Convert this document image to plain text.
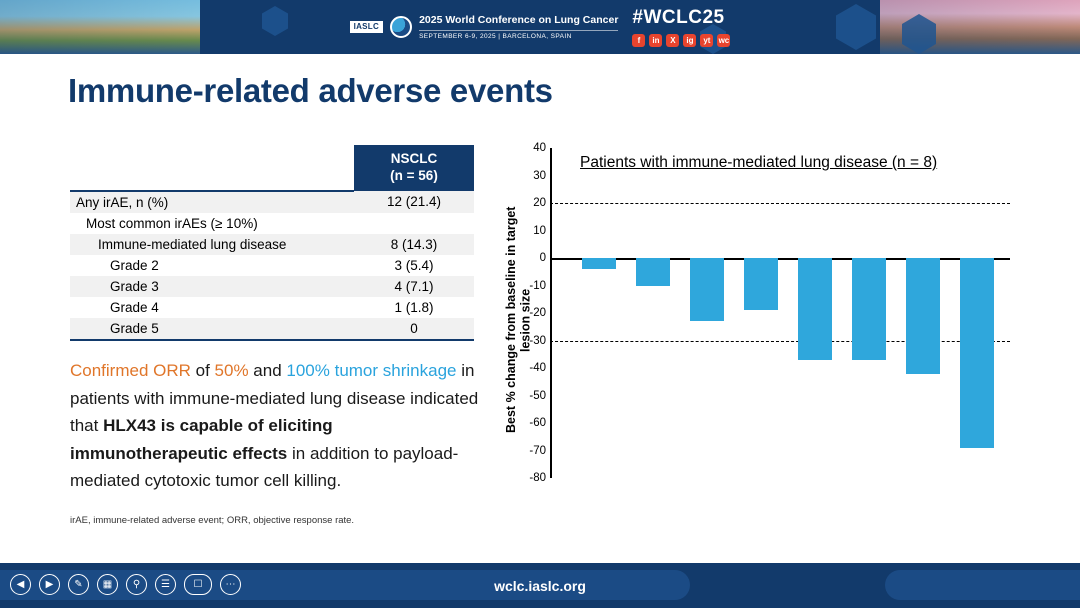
IASLC	2025 World Conference on Lung Cancer
SEPTEMBER 6-9, 2025 | BARCELONA, SPAIN
#WCLC25
f	in	X	ig	yt	wc
Immune-related adverse events

	NSCLC
(n = 56)

Any irAE, n (%)	12 (21.4)
Most common irAEs (≥ 10%)	
Immune-mediated lung disease	8 (14.3)
Grade 2	3 (5.4)
Grade 3	4 (7.1)
Grade 4	1 (1.8)
Grade 5	0
Confirmed ORR of 50% and 100% tumor shrinkage in patients with immune-mediated lung disease indicated that HLX43 is capable of eliciting immunotherapeutic effects in addition to payload-mediated cytotoxic tumor cell killing.
irAE, immune-related adverse event; ORR, objective response rate.
Patients with immune-mediated lung disease (n = 8)
Best % change from baseline in target lesion size
40
30
20
10
0
-10
-20
-30
-40
-50
-60
-70
-80
wclc.iaslc.org
◀	▶	✎	▦	⚲	☰	☐	⋯
